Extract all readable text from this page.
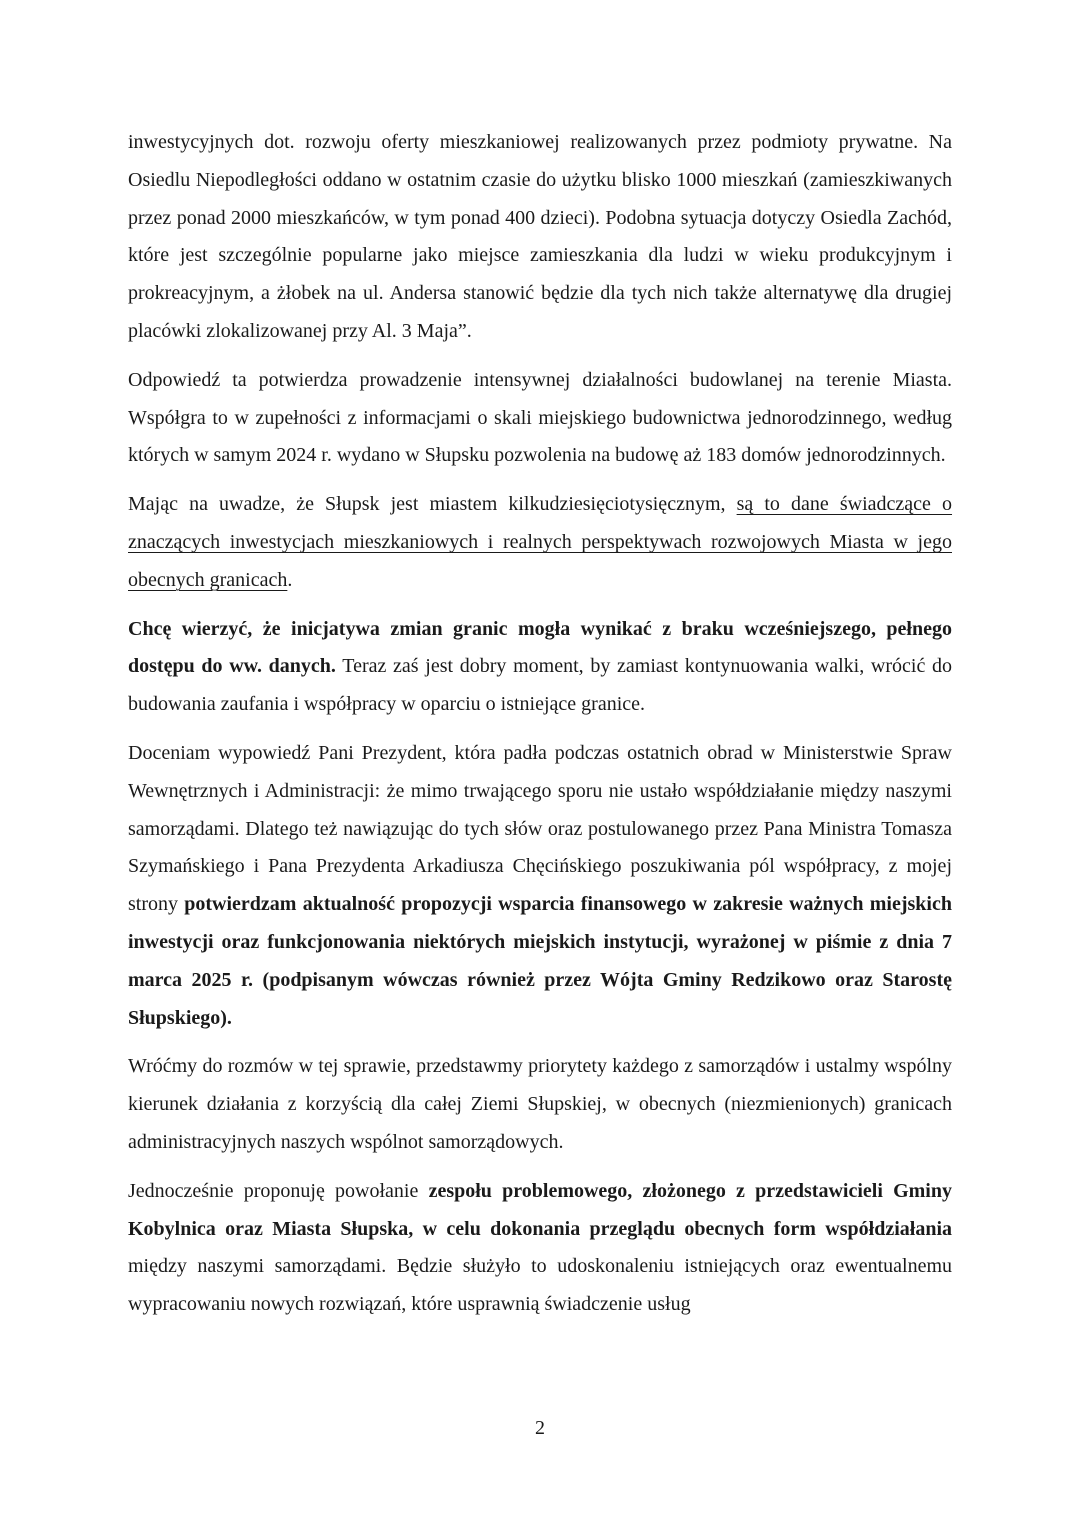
inwestycyjnych dot. rozwoju oferty mieszkaniowej realizowanych przez podmioty prywatne. Na Osiedlu Niepodległości oddano w ostatnim czasie do użytku blisko 1000 mieszkań (zamieszkiwanych przez ponad 2000 mieszkańców, w tym ponad 400 dzieci). Podobna sytuacja dotyczy Osiedla Zachód, które jest szczególnie popularne jako miejsce zamieszkania dla ludzi w wieku produkcyjnym i prokreacyjnym, a żłobek na ul. Andersa stanowić będzie dla tych nich także alternatywę dla drugiej placówki zlokalizowanej przy Al. 3 Maja”.

Odpowiedź ta potwierdza prowadzenie intensywnej działalności budowlanej na terenie Miasta. Współgra to w zupełności z informacjami o skali miejskiego budownictwa jednorodzinnego, według których w samym 2024 r. wydano w Słupsku pozwolenia na budowę aż 183 domów jednorodzinnych.

Mając na uwadze, że Słupsk jest miastem kilkudziesięciotysięcznym, są to dane świadczące o znaczących inwestycjach mieszkaniowych i realnych perspektywach rozwojowych Miasta w jego obecnych granicach.

Chcę wierzyć, że inicjatywa zmian granic mogła wynikać z braku wcześniejszego, pełnego dostępu do ww. danych. Teraz zaś jest dobry moment, by zamiast kontynuowania walki, wrócić do budowania zaufania i współpracy w oparciu o istniejące granice.

Doceniam wypowiedź Pani Prezydent, która padła podczas ostatnich obrad w Ministerstwie Spraw Wewnętrznych i Administracji: że mimo trwającego sporu nie ustało współdziałanie między naszymi samorządami. Dlatego też nawiązując do tych słów oraz postulowanego przez Pana Ministra Tomasza Szymańskiego i Pana Prezydenta Arkadiusza Chęcińskiego poszukiwania pól współpracy, z mojej strony potwierdzam aktualność propozycji wsparcia finansowego w zakresie ważnych miejskich inwestycji oraz funkcjonowania niektórych miejskich instytucji, wyrażonej w piśmie z dnia 7 marca 2025 r. (podpisanym wówczas również przez Wójta Gminy Redzikowo oraz Starostę Słupskiego).

Wróćmy do rozmów w tej sprawie, przedstawmy priorytety każdego z samorządów i ustalmy wspólny kierunek działania z korzyścią dla całej Ziemi Słupskiej, w obecnych (niezmienionych) granicach administracyjnych naszych wspólnot samorządowych.

Jednocześnie proponuję powołanie zespołu problemowego, złożonego z przedstawicieli Gminy Kobylnica oraz Miasta Słupska, w celu dokonania przeglądu obecnych form współdziałania między naszymi samorządami. Będzie służyło to udoskonaleniu istniejących oraz ewentualnemu wypracowaniu nowych rozwiązań, które usprawnią świadczenie usług

2
